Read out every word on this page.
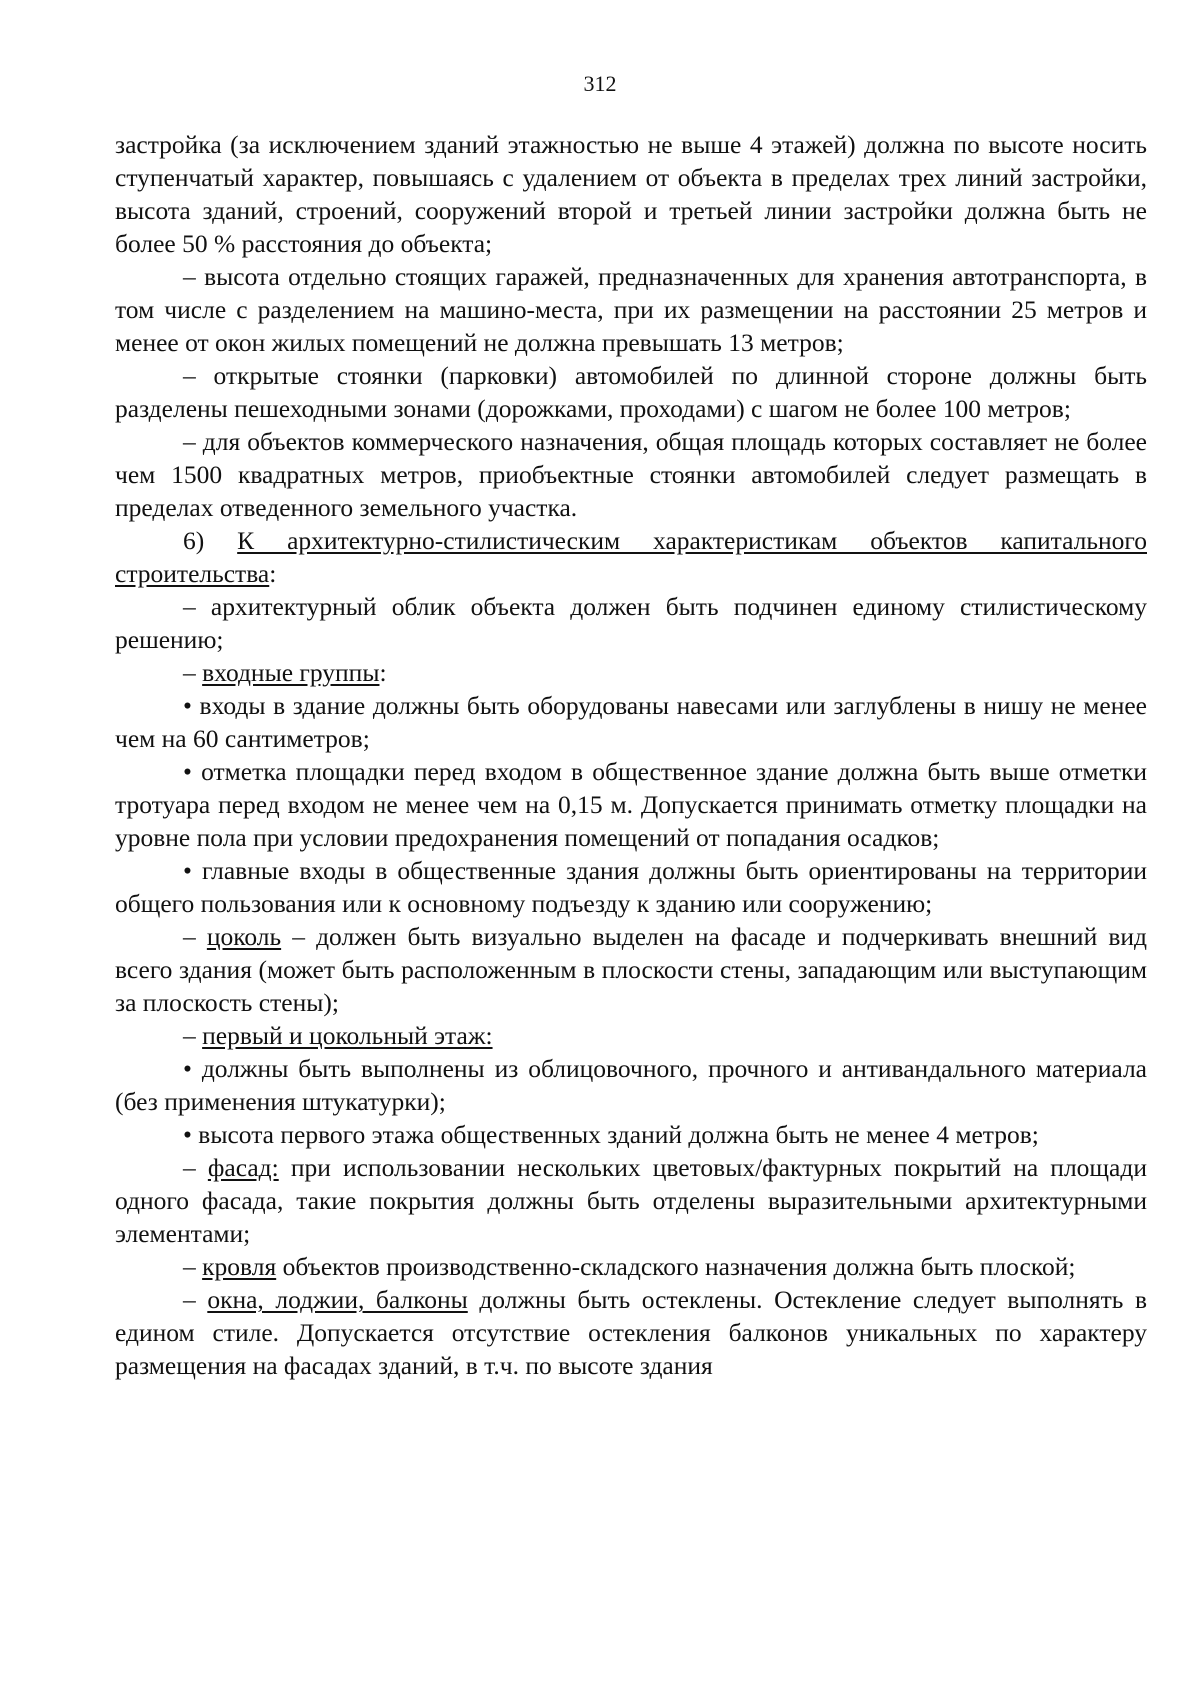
312

застройка (за исключением зданий этажностью не выше 4 этажей) должна по высоте носить ступенчатый характер, повышаясь с удалением от объекта в пределах трех линий застройки, высота зданий, строений, сооружений второй и третьей линии застройки должна быть не более 50 % расстояния до объекта;

– высота отдельно стоящих гаражей, предназначенных для хранения автотранспорта, в том числе с разделением на машино-места, при их размещении на расстоянии 25 метров и менее от окон жилых помещений не должна превышать 13 метров;

– открытые стоянки (парковки) автомобилей по длинной стороне должны быть разделены пешеходными зонами (дорожками, проходами) с шагом не более 100 метров;

– для объектов коммерческого назначения, общая площадь которых составляет не более чем 1500 квадратных метров, приобъектные стоянки автомобилей следует размещать в пределах отведенного земельного участка.

6) К архитектурно-стилистическим характеристикам объектов капитального строительства:

– архитектурный облик объекта должен быть подчинен единому стилистическому решению;

– входные группы:

• входы в здание должны быть оборудованы навесами или заглублены в нишу не менее чем на 60 сантиметров;

• отметка площадки перед входом в общественное здание должна быть выше отметки тротуара перед входом не менее чем на 0,15 м. Допускается принимать отметку площадки на уровне пола при условии предохранения помещений от попадания осадков;

• главные входы в общественные здания должны быть ориентированы на территории общего пользования или к основному подъезду к зданию или сооружению;

– цоколь – должен быть визуально выделен на фасаде и подчеркивать внешний вид всего здания (может быть расположенным в плоскости стены, западающим или выступающим за плоскость стены);

– первый и цокольный этаж:

• должны быть выполнены из облицовочного, прочного и антивандального материала (без применения штукатурки);

• высота первого этажа общественных зданий должна быть не менее 4 метров;

– фасад: при использовании нескольких цветовых/фактурных покрытий на площади одного фасада, такие покрытия должны быть отделены выразительными архитектурными элементами;

– кровля объектов производственно-складского назначения должна быть плоской;

– окна, лоджии, балконы должны быть остеклены. Остекление следует выполнять в едином стиле. Допускается отсутствие остекления балконов уникальных по характеру размещения на фасадах зданий, в т.ч. по высоте здания
